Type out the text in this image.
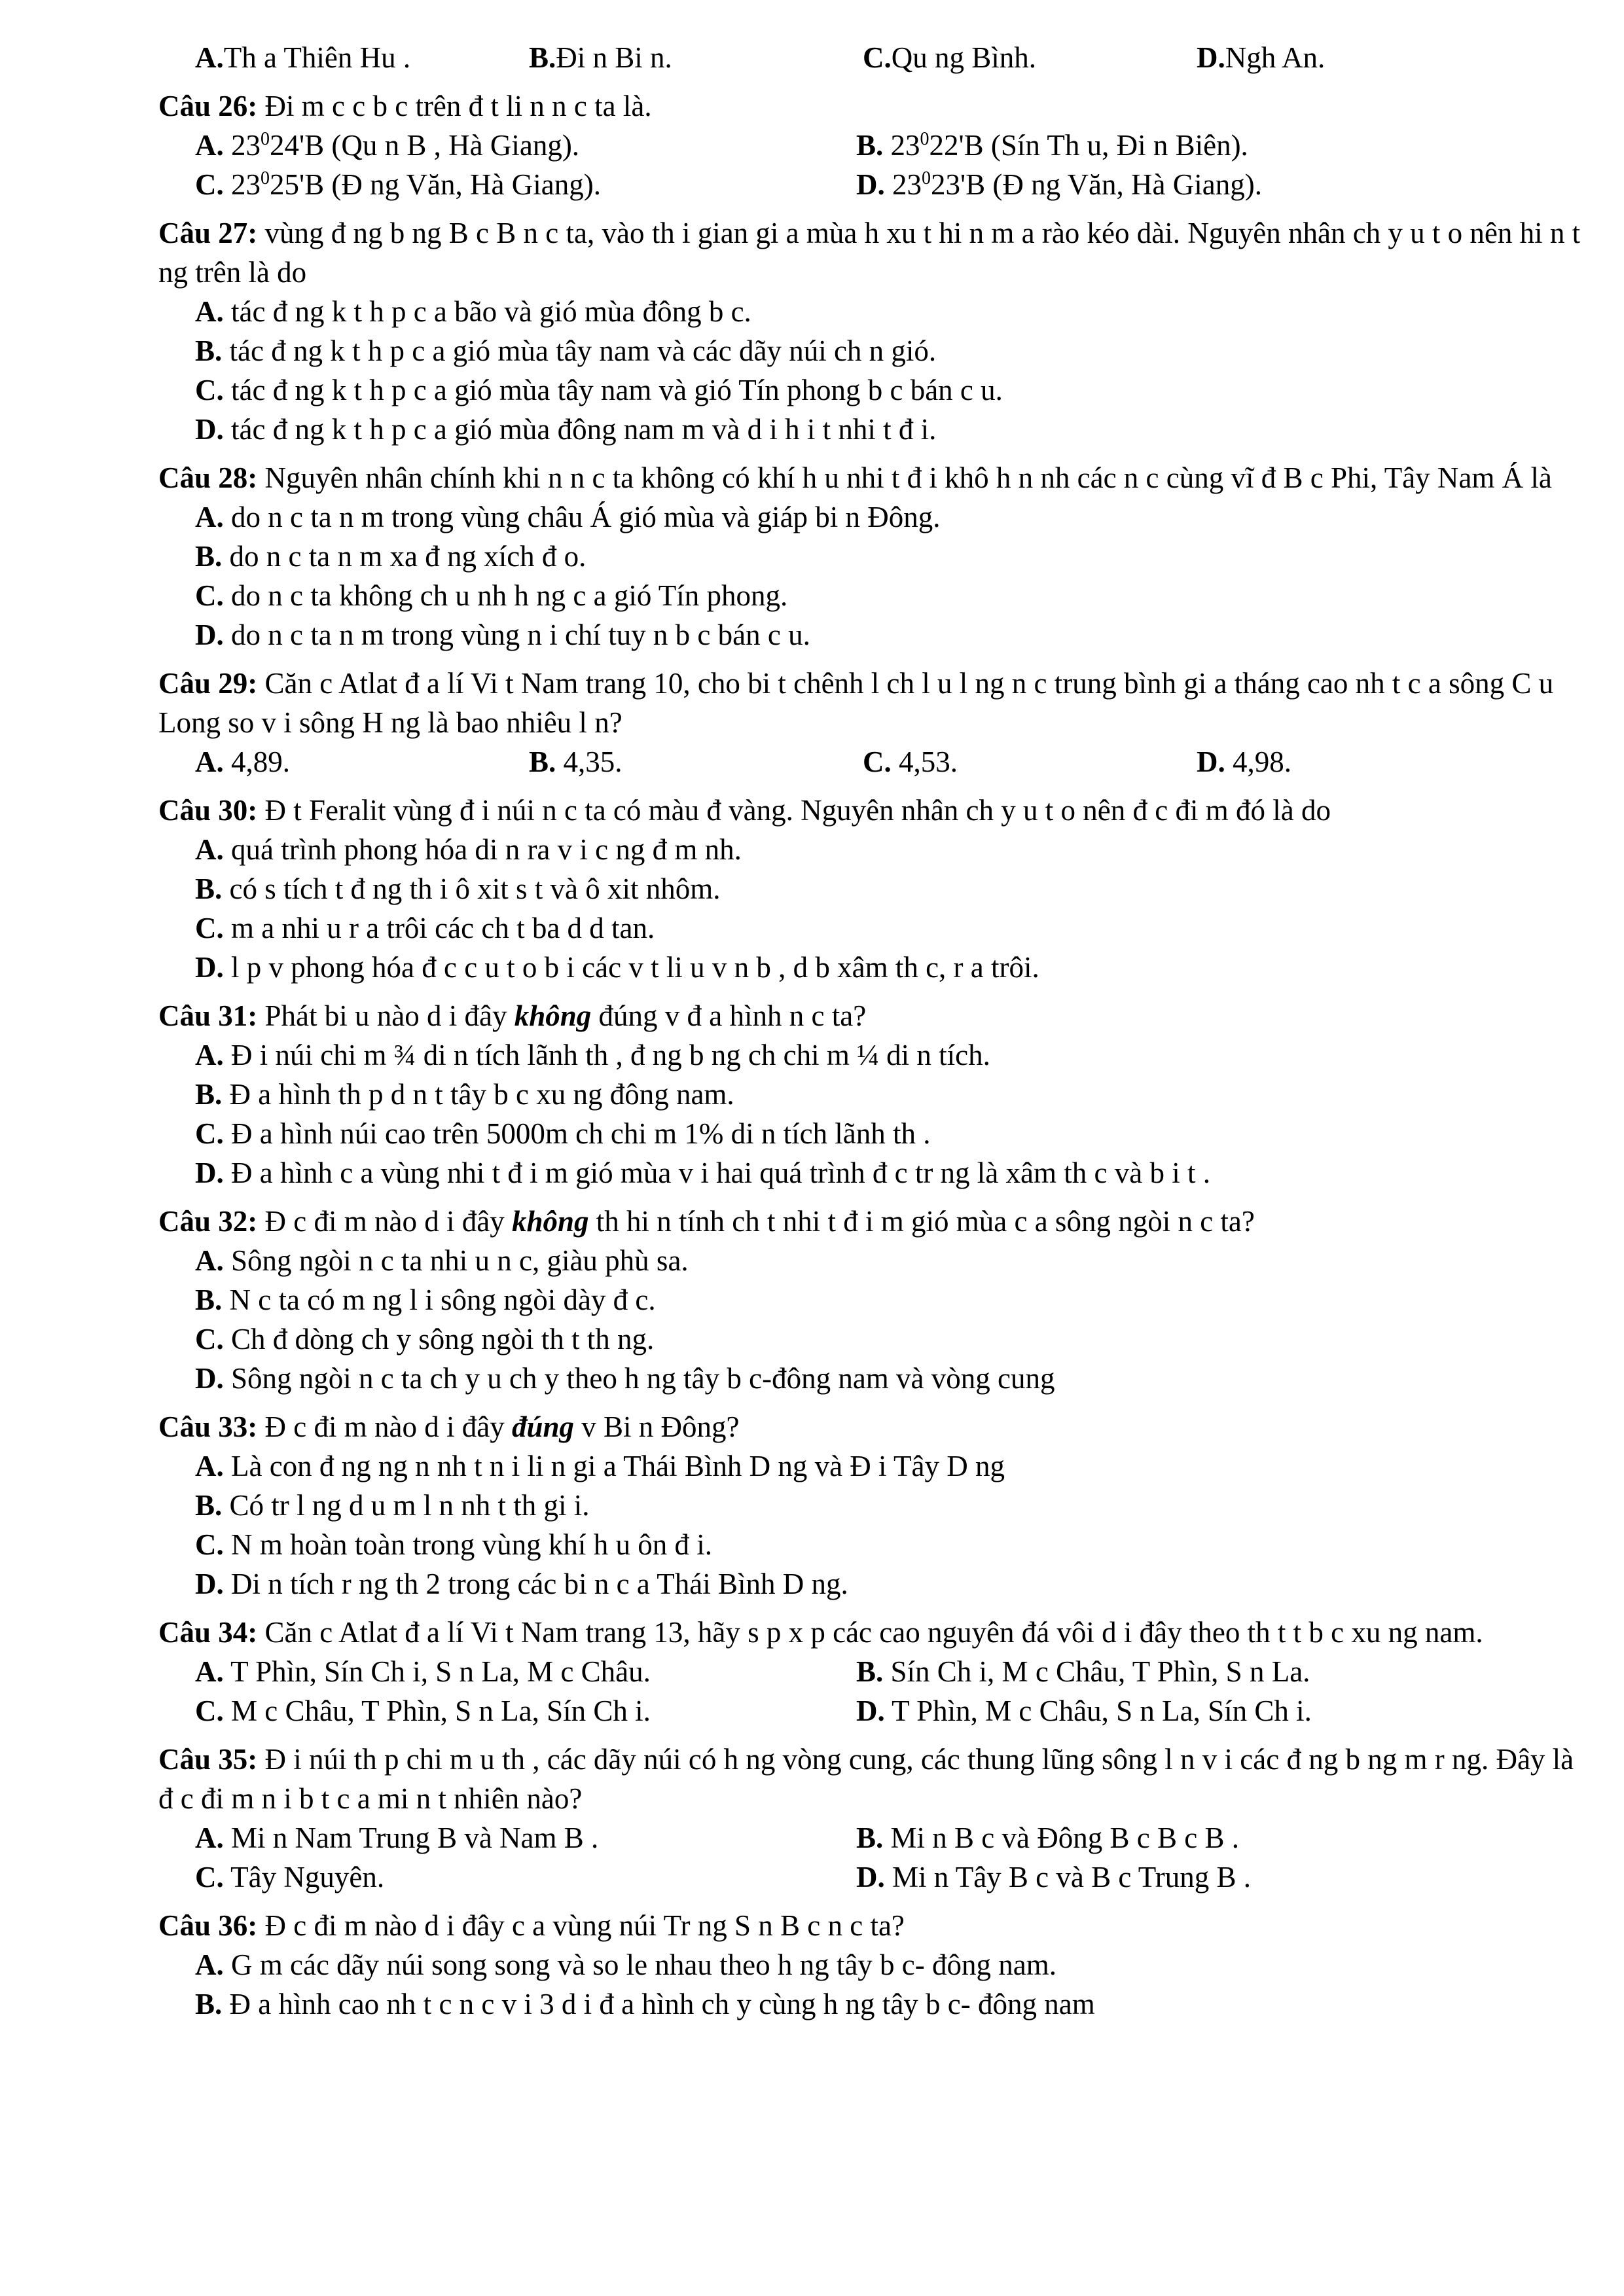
A.Th a Thiên Hu .	B.Đi n Bi n.	C.Qu ng Bình.	D.Ngh An.
Câu 26: Đi m c c b c trên đ t li n n c ta là.
A. $23^024'B$ (Qu n B , Hà Giang).	B. $23^022'B$ (Sín Th u, Đi n Biên).
C. $23^025'B$ (Đ ng Văn, Hà Giang).	D. $23^023'B$ (Đ ng Văn, Hà Giang).
Câu 27: vùng đ ng b ng B c B n c ta, vào th i gian gi a mùa h xu t hi n m a rào kéo dài. Nguyên nhân ch y u t o nên hi n t ng trên là do
A. tác đ ng k t h p c a bão và gió mùa đông b c.
B. tác đ ng k t h p c a gió mùa tây nam và các dãy núi ch n gió.
C. tác đ ng k t h p c a gió mùa tây nam và gió Tín phong b c bán c u.
D. tác đ ng k t h p c a gió mùa đông nam m và d i h i t nhi t đ i.
Câu 28: Nguyên nhân chính khi n n c ta không có khí h u nhi t đ i khô h n nh các n c cùng vĩ đ B c Phi, Tây Nam Á là
A. do n c ta n m trong vùng châu Á gió mùa và giáp bi n Đông.
B. do n c ta n m xa đ ng xích đ o.
C. do n c ta không ch u nh h ng c a gió Tín phong.
D. do n c ta n m trong vùng n i chí tuy n b c bán c u.
Câu 29: Căn c Atlat đ a lí Vi t Nam trang 10, cho bi t chênh l ch l u l ng n c trung bình gi a tháng cao nh t c a sông C u Long so v i sông H ng là bao nhiêu l n?
A. 4,89.	B. 4,35.	C. 4,53.	D. 4,98.
Câu 30: Đ t Feralit vùng đ i núi n c ta có màu đ vàng. Nguyên nhân ch y u t o nên đ c đi m đó là do
A. quá trình phong hóa di n ra v i c ng đ m nh.
B. có s tích t đ ng th i ô xit s t và ô xit nhôm.
C. m a nhi u r a trôi các ch t ba d d tan.
D. l p v phong hóa đ c c u t o b i các v t li u v n b , d b xâm th c, r a trôi.
Câu 31: Phát bi u nào d i đây không đúng v đ a hình n c ta?
A. Đ i núi chi m ¾ di n tích lãnh th , đ ng b ng ch chi m ¼ di n tích.
B. Đ a hình th p d n t tây b c xu ng đông nam.
C. Đ a hình núi cao trên 5000m ch chi m 1% di n tích lãnh th .
D. Đ a hình c a vùng nhi t đ i m gió mùa v i hai quá trình đ c tr ng là xâm th c và b i t .
Câu 32: Đ c đi m nào d i đây không th hi n tính ch t nhi t đ i m gió mùa c a sông ngòi n c ta?
A. Sông ngòi n c ta nhi u n c, giàu phù sa.
B. N c ta có m ng l i sông ngòi dày đ c.
C. Ch đ dòng ch y sông ngòi th t th ng.
D. Sông ngòi n c ta ch y u ch y theo h ng tây b c-đông nam và vòng cung
Câu 33: Đ c đi m nào d i đây đúng v Bi n Đông?
A. Là con đ ng ng n nh t n i li n gi a Thái Bình D ng và Đ i Tây D ng
B. Có tr l ng d u m l n nh t th gi i.
C. N m hoàn toàn trong vùng khí h u ôn đ i.
D. Di n tích r ng th 2 trong các bi n c a Thái Bình D ng.
Câu 34: Căn c Atlat đ a lí Vi t Nam trang 13, hãy s p x p các cao nguyên đá vôi d i đây theo th t t b c xu ng nam.
A. T Phìn, Sín Ch i, S n La, M c Châu.	B. Sín Ch i, M c Châu, T Phìn, S n La.
C. M c Châu, T Phìn, S n La, Sín Ch i.	D. T Phìn, M c Châu, S n La, Sín Ch i.
Câu 35: Đ i núi th p chi m u th , các dãy núi có h ng vòng cung, các thung lũng sông l n v i các đ ng b ng m r ng. Đây là đ c đi m n i b t c a mi n t nhiên nào?
A. Mi n Nam Trung B và Nam B .	B. Mi n B c và Đông B c B c B .
C. Tây Nguyên.	D. Mi n Tây B c và B c Trung B .
Câu 36: Đ c đi m nào d i đây c a vùng núi Tr ng S n B c n c ta?
A. G m các dãy núi song song và so le nhau theo h ng tây b c- đông nam.
B. Đ a hình cao nh t c n c v i 3 d i đ a hình ch y cùng h ng tây b c- đông nam
